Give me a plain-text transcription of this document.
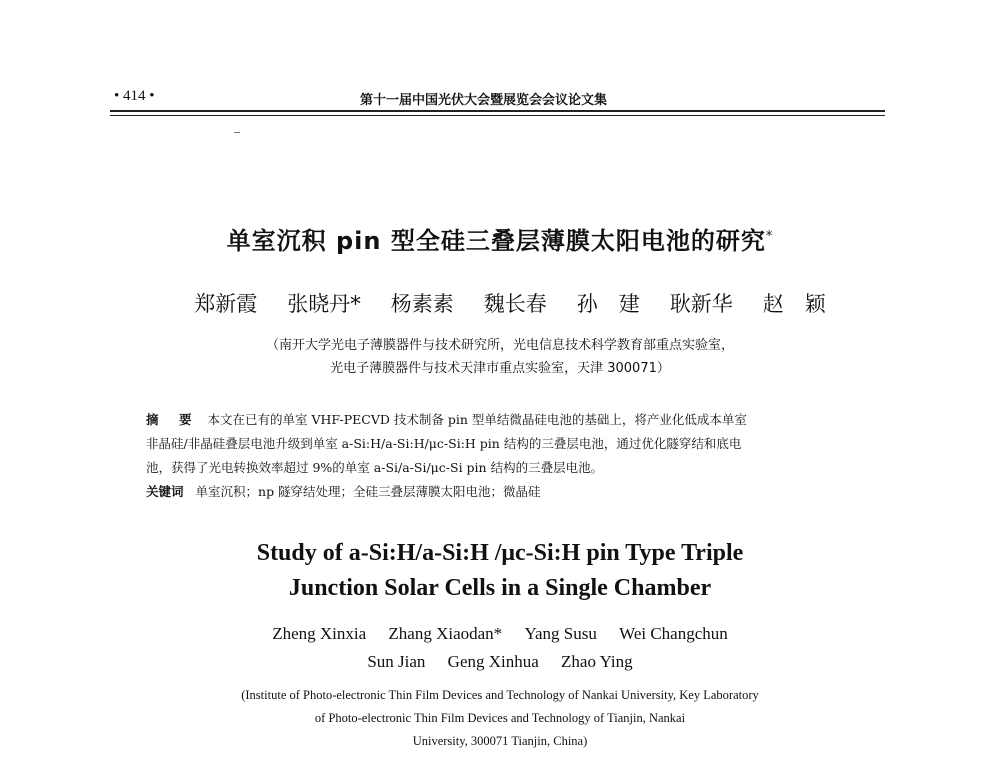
• 414 •	第十一届中国光伏大会暨展览会会议论文集
单室沉积 pin 型全硅三叠层薄膜太阳电池的研究*
郑新霞 张晓丹* 杨素素 魏长春 孙　建 耿新华 赵　颖
（南开大学光电子薄膜器件与技术研究所，光电信息技术科学教育部重点实验室，
光电子薄膜器件与技术天津市重点实验室，天津 300071）
摘　要 本文在已有的单室 VHF-PECVD 技术制备 pin 型单结微晶硅电池的基础上，将产业化低成本单室
非晶硅/非晶硅叠层电池升级到单室 a-Si:H/a-Si:H/μc-Si:H pin 结构的三叠层电池，通过优化隧穿结和底电
池，获得了光电转换效率超过 9%的单室 a-Si/a-Si/μc-Si pin 结构的三叠层电池。
关键词 单室沉积；np 隧穿结处理；全硅三叠层薄膜太阳电池；微晶硅
Study of a-Si:H/a-Si:H /μc-Si:H pin Type Triple
Junction Solar Cells in a Single Chamber
Zheng Xinxia Zhang Xiaodan* Yang Susu Wei Changchun
Sun Jian Geng Xinhua Zhao Ying
(Institute of Photo-electronic Thin Film Devices and Technology of Nankai University, Key Laboratory
of Photo-electronic Thin Film Devices and Technology of Tianjin, Nankai
University, 300071 Tianjin, China)
